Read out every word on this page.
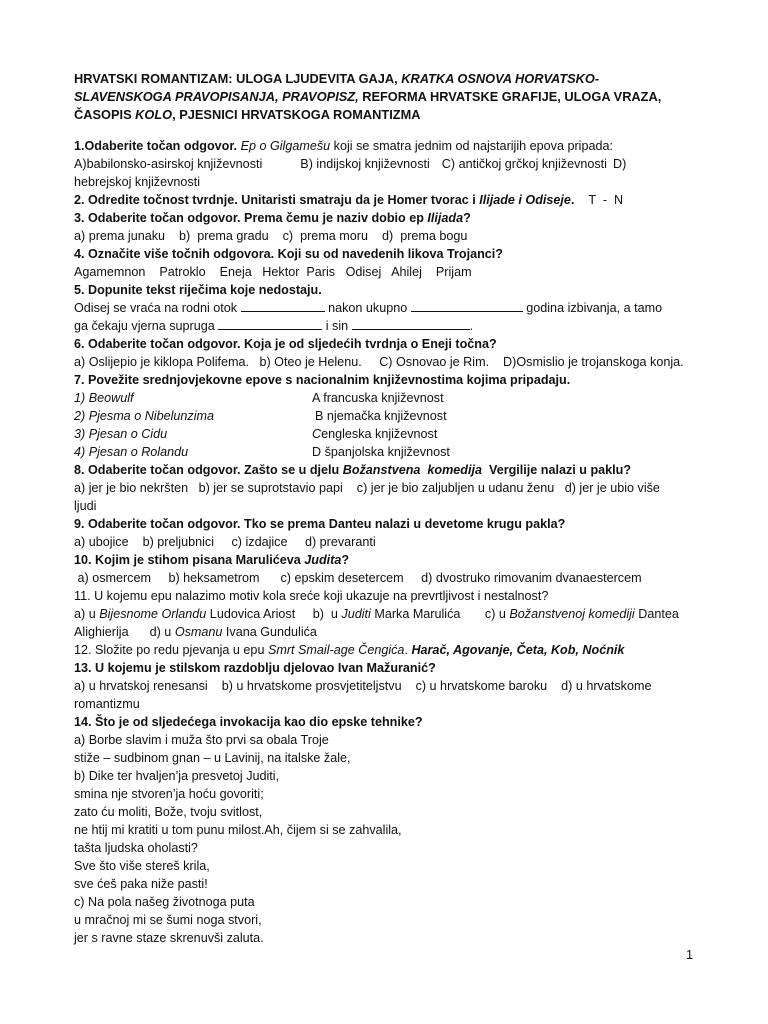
HRVATSKI ROMANTIZAM: ULOGA LJUDEVITA GAJA, KRATKA OSNOVA HORVATSKO-SLAVENSKOGA PRAVOPISANJA, PRAVOPISZ, REFORMA HRVATSKE GRAFIJE, ULOGA VRAZA, ČASOPIS KOLO, PJESNICI HRVATSKOGA ROMANTIZMA
1.Odaberite točan odgovor. Ep o Gilgamešu koji se smatra jednim od najstarijih epova pripada:
A)babilonsko-asirskoj književnosti	B) indijskoj književnosti C) antičkoj grčkoj književnosti D)
hebrejskoj književnosti
2. Odredite točnost tvrdnje. Unitaristi smatraju da je Homer tvorac i Ilijade i Odiseje. T  -  N
3. Odaberite točan odgovor. Prema čemu je naziv dobio ep Ilijada?
a) prema junaku b)  prema gradu c)  prema moru d)  prema bogu
4. Označite više točnih odgovora. Koji su od navedenih likova Trojanci?
Agamemnon    Patroklo    Eneja   Hektor  Paris   Odisej   Ahilej    Prijam
5. Dopunite tekst riječima koje nedostaju.
Odisej se vraća na rodni otok	nakon ukupno	godina izbivanja, a tamo
ga čekaju vjerna supruga	i sin	.
6. Odaberite točan odgovor. Koja je od sljedećih tvrdnja o Eneji točna?
a) Oslijepio je kiklopa Polifema.   b) Oteo je Helenu.     C) Osnovao je Rim.    D)Osmislio je trojanskoga konja.
7. Povežite srednjovjekovne epove s nacionalnim književnostima kojima pripadaju.
1) Beowulf	A francuska književnost
2) Pjesma o Nibelunzima	B njemačka književnost
3) Pjesan o Cidu	C engleska književnost
4) Pjesan o Rolandu	D španjolska književnost
8. Odaberite točan odgovor. Zašto se u djelu Božanstvena  komedija  Vergilije nalazi u paklu?
a) jer je bio nekršten   b) jer se suprotstavio papi    c) jer je bio zaljubljen u udanu ženu   d) jer je ubio više
ljudi
9. Odaberite točan odgovor. Tko se prema Danteu nalazi u devetome krugu pakla?
a) ubojice    b) preljubnici     c) izdajice     d) prevaranti
10. Kojim je stihom pisana Marulićeva Judita?
a) osmercem     b) heksametrom      c) epskim desetercem     d) dvostruko rimovanim dvanaestercem
11. U kojemu epu nalazimo motiv kola sreće koji ukazuje na prevrtljivost i nestalnost?
a) u Bijesnome Orlandu Ludovica Ariost b)  u Juditi Marka Marulića c) u Božanstvenoj komediji Dantea
Alighierija d) u Osmanu Ivana Gundulića
12. Složite po redu pjevanja u epu Smrt Smail-age Čengića. Harač, Agovanje, Četa, Kob, Noćnik
13. U kojemu je stilskom razdoblju djelovao Ivan Mažuranić?
a) u hrvatskoj renesansi    b) u hrvatskome prosvjetiteljstvu    c) u hrvatskome baroku    d) u hrvatskome
romantizmu
14. Što je od sljedećega invokacija kao dio epske tehnike?
a) Borbe slavim i muža što prvi sa obala Troje
stiže – sudbinom gnan – u Lavinij, na italske žale,
b) Dike ter hvaljen’ja presvetoj Juditi,
smina nje stvoren’ja hoću govoriti;
zato ću moliti, Bože, tvoju svitlost,
ne htij mi kratiti u tom punu milost.Ah, čijem si se zahvalila,
tašta ljudska oholasti?
Sve što više stereš krila,
sve ćeš paka niže pasti!
c) Na pola našeg životnoga puta
u mračnoj mi se šumi noga stvori,
jer s ravne staze skrenuvši zaluta.
1
